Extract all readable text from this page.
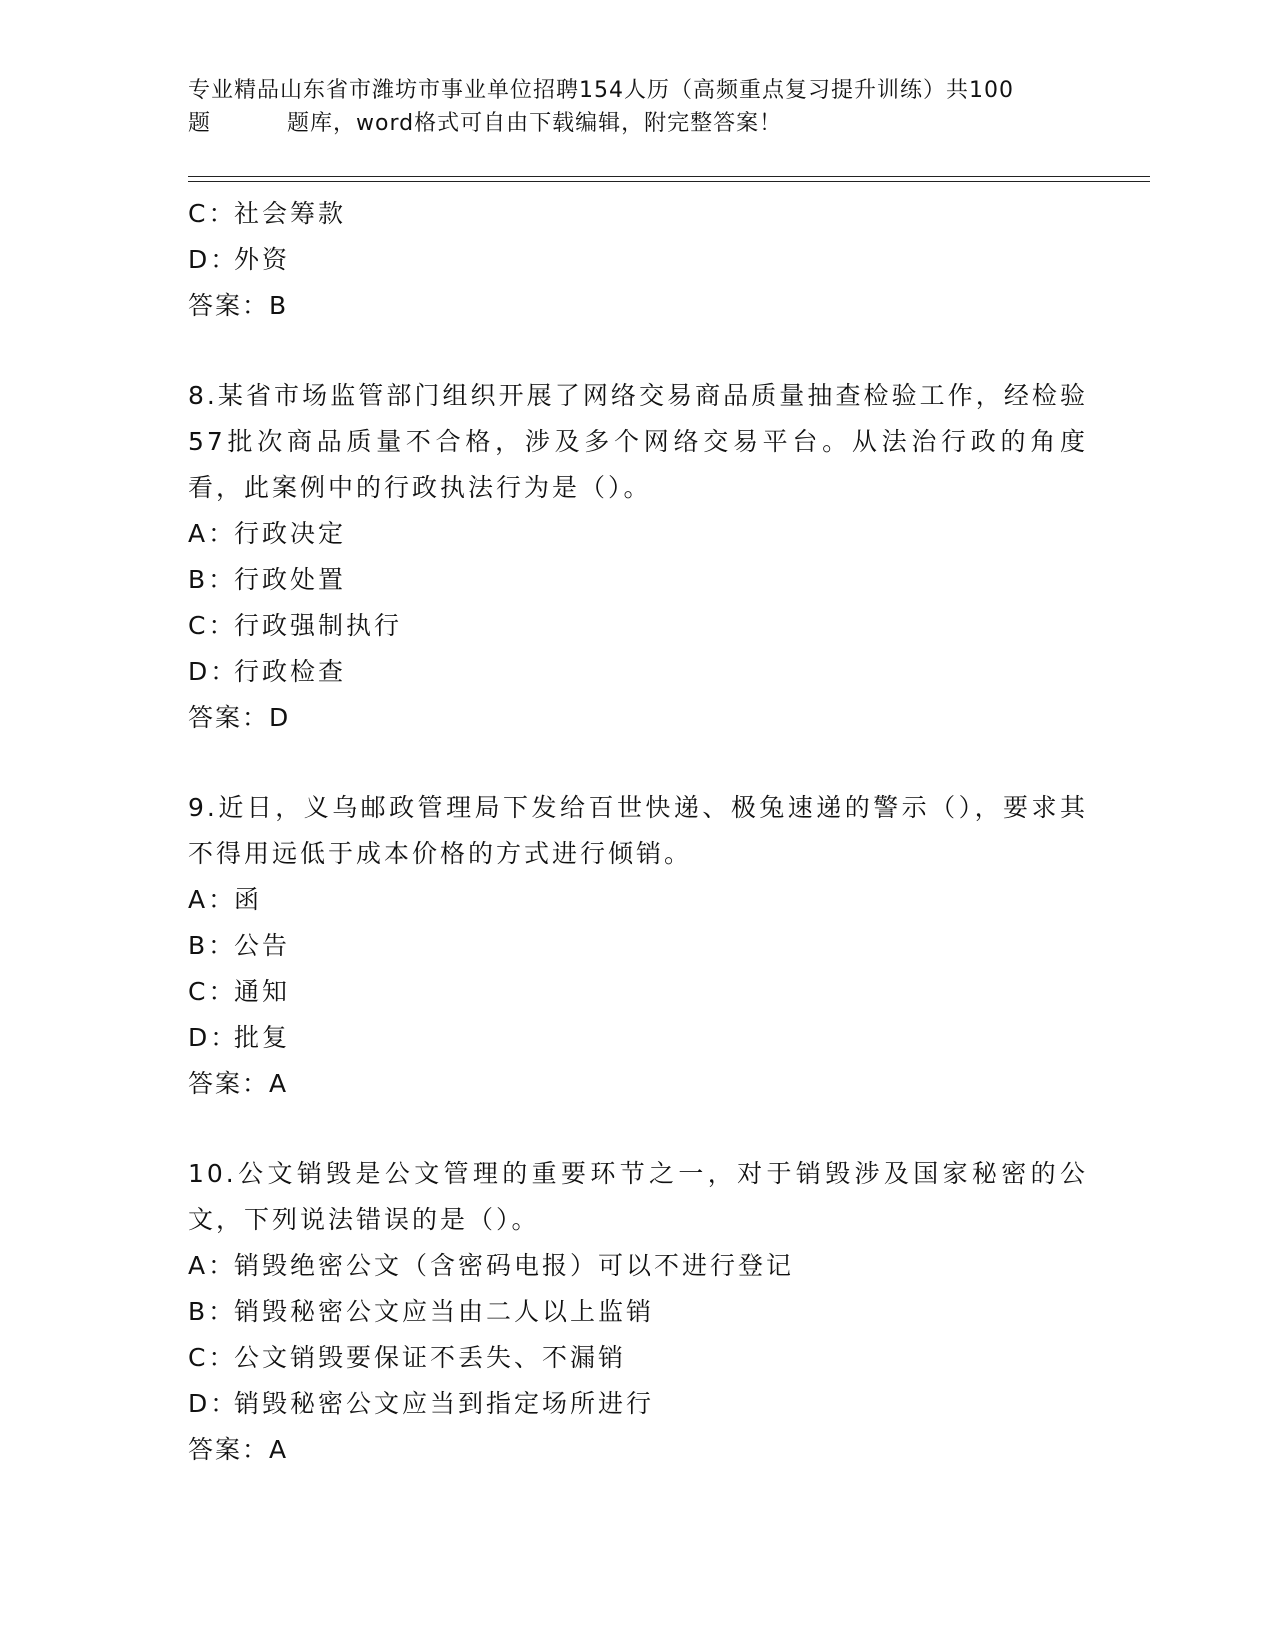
专业精品山东省市潍坊市事业单位招聘154人历（高频重点复习提升训练）共100
题	题库，word格式可自由下载编辑，附完整答案！
C：社会筹款
D：外资
答案：B
8.某省市场监管部门组织开展了网络交易商品质量抽查检验工作，经检验57批次商品质量不合格，涉及多个网络交易平台。从法治行政的角度看，此案例中的行政执法行为是（）。
A：行政决定
B：行政处置
C：行政强制执行
D：行政检查
答案：D
9.近日，义乌邮政管理局下发给百世快递、极兔速递的警示（），要求其不得用远低于成本价格的方式进行倾销。
A：函
B：公告
C：通知
D：批复
答案：A
10.公文销毁是公文管理的重要环节之一，对于销毁涉及国家秘密的公文，下列说法错误的是（）。
A：销毁绝密公文（含密码电报）可以不进行登记
B：销毁秘密公文应当由二人以上监销
C：公文销毁要保证不丢失、不漏销
D：销毁秘密公文应当到指定场所进行
答案：A
